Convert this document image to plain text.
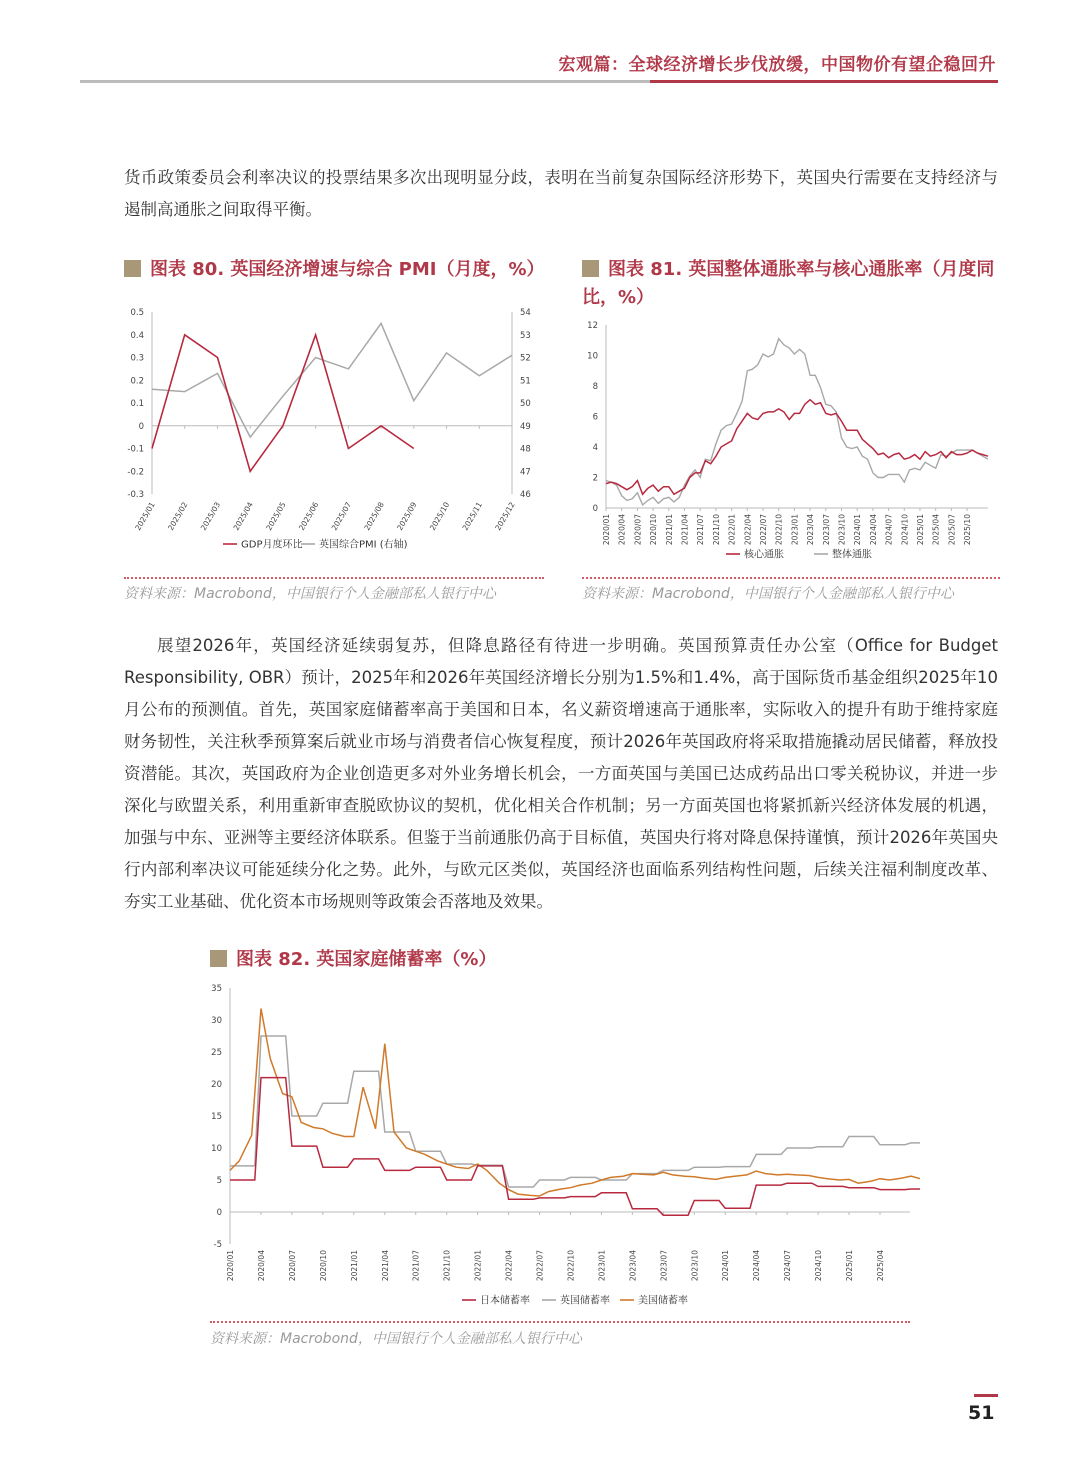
宏观篇：全球经济增长步伐放缓，中国物价有望企稳回升
货币政策委员会利率决议的投票结果多次出现明显分歧，表明在当前复杂国际经济形势下，英国央行需要在支持经济与遏制高通胀之间取得平衡。
图表 80. 英国经济增速与综合 PMI（月度，%）
0.5
0.4
0.3
0.2
0.1
0
-0.1
-0.2
-0.3
54
53
52
51
50
49
48
47
46
2025/01 2025/02 2025/03 2025/04 2025/05 2025/06 2025/07 2025/08 2025/09 2025/10 2025/11 2025/12
GDP月度环比 英国综合PMI (右轴)
资料来源：Macrobond，中国银行个人金融部私人银行中心
图表 81. 英国整体通胀率与核心通胀率（月度同
比，%）
12
10
8
6
4
2
0
2020/01 2020/04 2020/07 2020/10 2021/01 2021/04 2021/07 2021/10 2022/01 2022/04 2022/07 2022/10 2023/01 2023/04 2023/07 2023/10 2024/01 2024/04 2024/07 2024/10 2025/01 2025/04 2025/07 2025/10
核心通胀	整体通胀
资料来源：Macrobond，中国银行个人金融部私人银行中心
展望2026年，英国经济延续弱复苏，但降息路径有待进一步明确。英国预算责任办公室（Office for Budget Responsibility, OBR）预计，2025年和2026年英国经济增长分别为1.5%和1.4%，高于国际货币基金组织2025年10月公布的预测值。首先，英国家庭储蓄率高于美国和日本，名义薪资增速高于通胀率，实际收入的提升有助于维持家庭财务韧性，关注秋季预算案后就业市场与消费者信心恢复程度，预计2026年英国政府将采取措施撬动居民储蓄，释放投资潜能。其次，英国政府为企业创造更多对外业务增长机会，一方面英国与美国已达成药品出口零关税协议，并进一步深化与欧盟关系，利用重新审查脱欧协议的契机，优化相关合作机制；另一方面英国也将紧抓新兴经济体发展的机遇，加强与中东、亚洲等主要经济体联系。但鉴于当前通胀仍高于目标值，英国央行将对降息保持谨慎，预计2026年英国央行内部利率决议可能延续分化之势。此外，与欧元区类似，英国经济也面临系列结构性问题，后续关注福利制度改革、夯实工业基础、优化资本市场规则等政策会否落地及效果。
图表 82. 英国家庭储蓄率（%）
35
30
25
20
15
10
5
0
-5
2020/01	2020/04	2020/07	2020/10	2021/01	2021/04	2021/07	2021/10	2022/01	2022/04	2022/07	2022/10	2023/01	2023/04	2023/07	2023/10	2024/01	2024/04	2024/07	2024/10	2025/01	2025/04
日本储蓄率	英国储蓄率	美国储蓄率
资料来源：Macrobond，中国银行个人金融部私人银行中心
51
